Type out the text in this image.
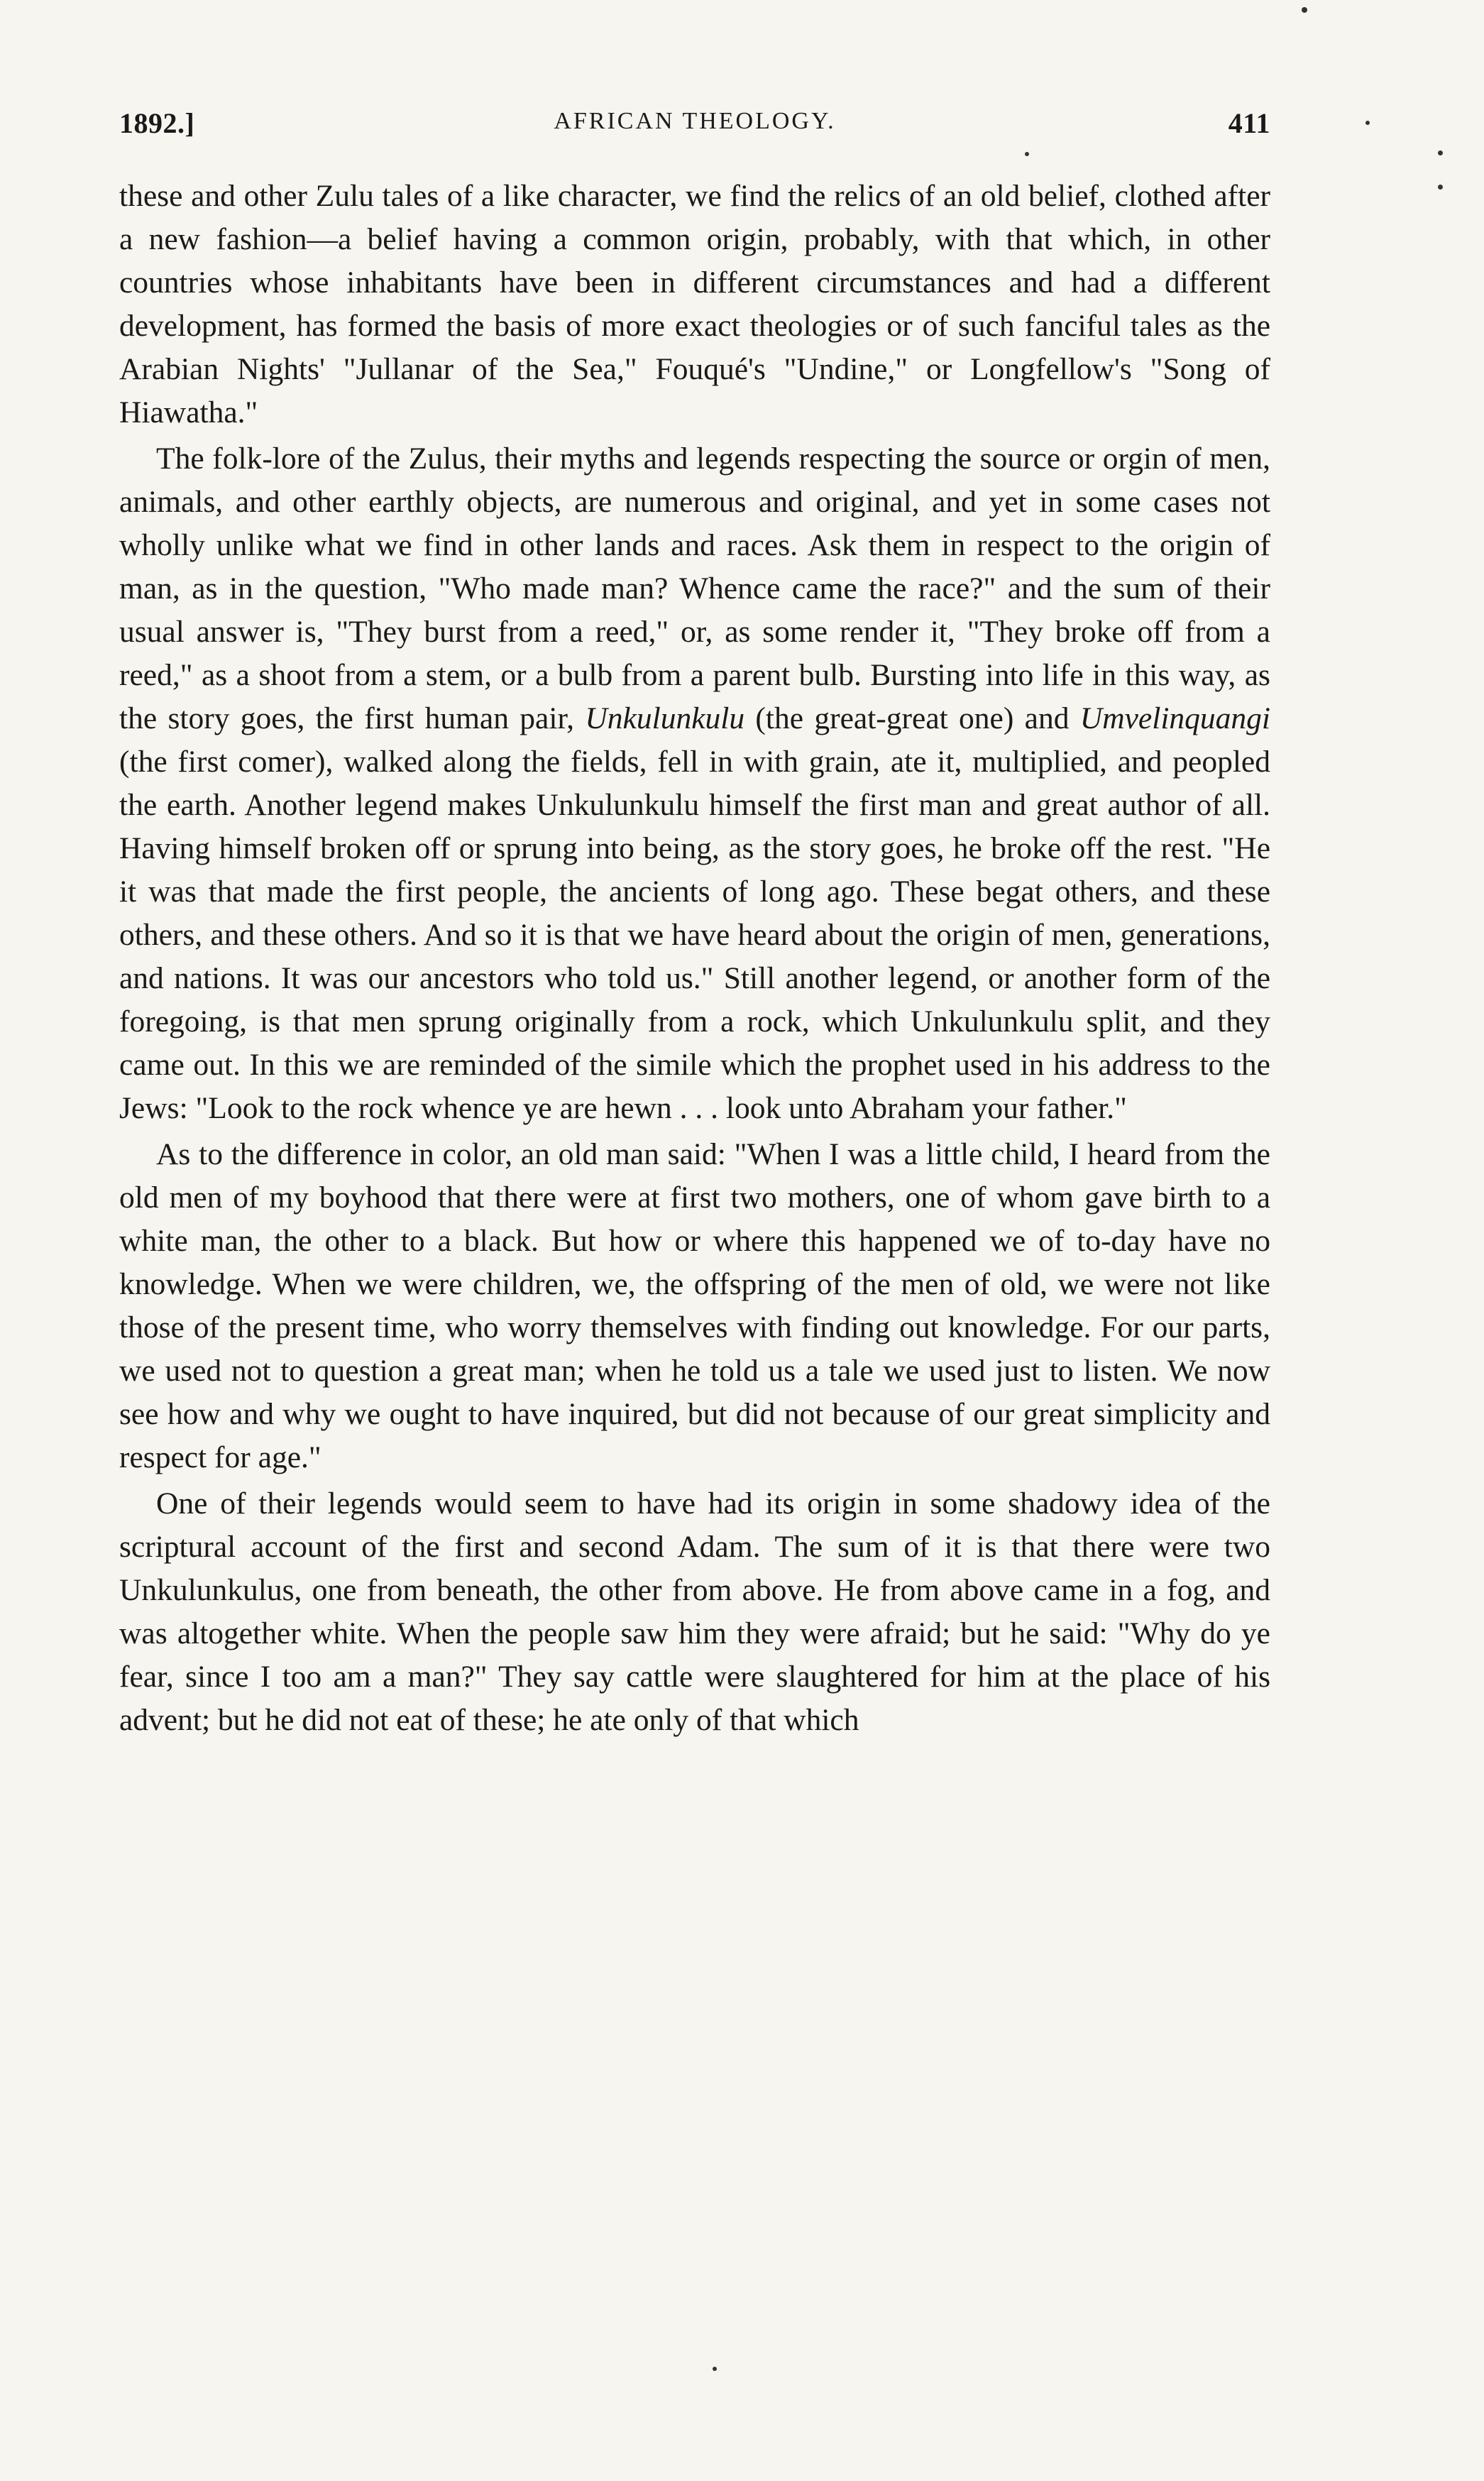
1892.]	AFRICAN THEOLOGY.	411

these and other Zulu tales of a like character, we find the relics of an old belief, clothed after a new fashion—a belief having a common origin, probably, with that which, in other countries whose inhabitants have been in different circumstances and had a different development, has formed the basis of more exact theologies or of such fanciful tales as the Arabian Nights' "Jullanar of the Sea," Fouqué's "Undine," or Longfellow's "Song of Hiawatha."

The folk-lore of the Zulus, their myths and legends respecting the source or orgin of men, animals, and other earthly objects, are numerous and original, and yet in some cases not wholly unlike what we find in other lands and races. Ask them in respect to the origin of man, as in the question, "Who made man? Whence came the race?" and the sum of their usual answer is, "They burst from a reed," or, as some render it, "They broke off from a reed," as a shoot from a stem, or a bulb from a parent bulb. Bursting into life in this way, as the story goes, the first human pair, Unkulunkulu (the great-great one) and Umvelinquangi (the first comer), walked along the fields, fell in with grain, ate it, multiplied, and peopled the earth. Another legend makes Unkulunkulu himself the first man and great author of all. Having himself broken off or sprung into being, as the story goes, he broke off the rest. "He it was that made the first people, the ancients of long ago. These begat others, and these others, and these others. And so it is that we have heard about the origin of men, generations, and nations. It was our ancestors who told us." Still another legend, or another form of the foregoing, is that men sprung originally from a rock, which Unkulunkulu split, and they came out. In this we are reminded of the simile which the prophet used in his address to the Jews: "Look to the rock whence ye are hewn . . . look unto Abraham your father."

As to the difference in color, an old man said: "When I was a little child, I heard from the old men of my boyhood that there were at first two mothers, one of whom gave birth to a white man, the other to a black. But how or where this happened we of to-day have no knowledge. When we were children, we, the offspring of the men of old, we were not like those of the present time, who worry themselves with finding out knowledge. For our parts, we used not to question a great man; when he told us a tale we used just to listen. We now see how and why we ought to have inquired, but did not because of our great simplicity and respect for age."

One of their legends would seem to have had its origin in some shadowy idea of the scriptural account of the first and second Adam. The sum of it is that there were two Unkulunkulus, one from beneath, the other from above. He from above came in a fog, and was altogether white. When the people saw him they were afraid; but he said: "Why do ye fear, since I too am a man?" They say cattle were slaughtered for him at the place of his advent; but he did not eat of these; he ate only of that which
